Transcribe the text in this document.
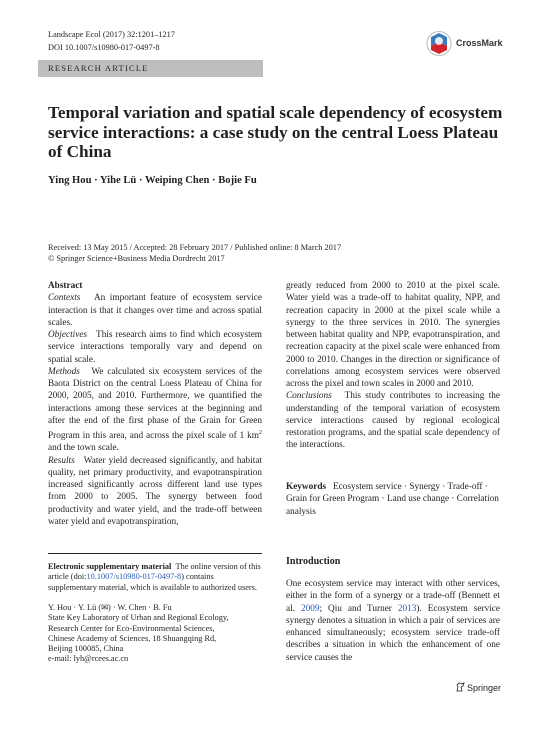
Landscape Ecol (2017) 32:1201–1217
DOI 10.1007/s10980-017-0497-8	CrossMark
RESEARCH ARTICLE
Temporal variation and spatial scale dependency of ecosystem service interactions: a case study on the central Loess Plateau of China
Ying Hou · Yihe Lü · Weiping Chen · Bojie Fu
Received: 13 May 2015 / Accepted: 28 February 2017 / Published online: 8 March 2017
© Springer Science+Business Media Dordrecht 2017

Abstract

Contexts An important feature of ecosystem service interaction is that it changes over time and across spatial scales.

Objectives This research aims to find which ecosystem service interactions temporally vary and depend on spatial scale.

Methods We calculated six ecosystem services of the Baota District on the central Loess Plateau of China for 2000, 2005, and 2010. Furthermore, we quantified the interactions among these services at the beginning and after the end of the first phase of the Grain for Green Program in this area, and across the pixel scale of 1 $km^2$ and the town scale.

Results Water yield decreased significantly, and habitat quality, net primary productivity, and evapotranspiration increased significantly across different land use types from 2000 to 2005. The synergy between food productivity and water yield, and the trade-off between water yield and evapotranspiration,

greatly reduced from 2000 to 2010 at the pixel scale. Water yield was a trade-off to habitat quality, NPP, and recreation capacity in 2000 at the pixel scale while a synergy to the three services in 2010. The synergies between habitat quality and NPP, evapotranspiration, and recreation capacity at the pixel scale were enhanced from 2000 to 2010. Changes in the direction or significance of correlations among ecosystem services were observed across the pixel and town scales in 2000 and 2010.

Conclusions This study contributes to increasing the understanding of the temporal variation of ecosystem service interactions caused by regional ecological restoration programs, and the spatial scale dependency of the interactions.

Keywords Ecosystem service · Synergy · Trade-off · Grain for Green Program · Land use change · Correlation analysis
Electronic supplementary material The online version of this article (doi:10.1007/s10980-017-0497-8) contains supplementary material, which is available to authorized users.
Y. Hou · Y. Lü (✉) · W. Chen · B. Fu
State Key Laboratory of Urban and Regional Ecology,
Research Center for Eco-Environmental Sciences,
Chinese Academy of Sciences, 18 Shuangqing Rd,
Beijing 100085, China
e-mail: lyh@rcees.ac.cn
Introduction
One ecosystem service may interact with other services, either in the form of a synergy or a trade-off (Bennett et al. 2009; Qiu and Turner 2013). Ecosystem service synergy denotes a situation in which a pair of services are enhanced simultaneously; ecosystem service trade-off describes a situation in which the enhancement of one service causes the
Springer
